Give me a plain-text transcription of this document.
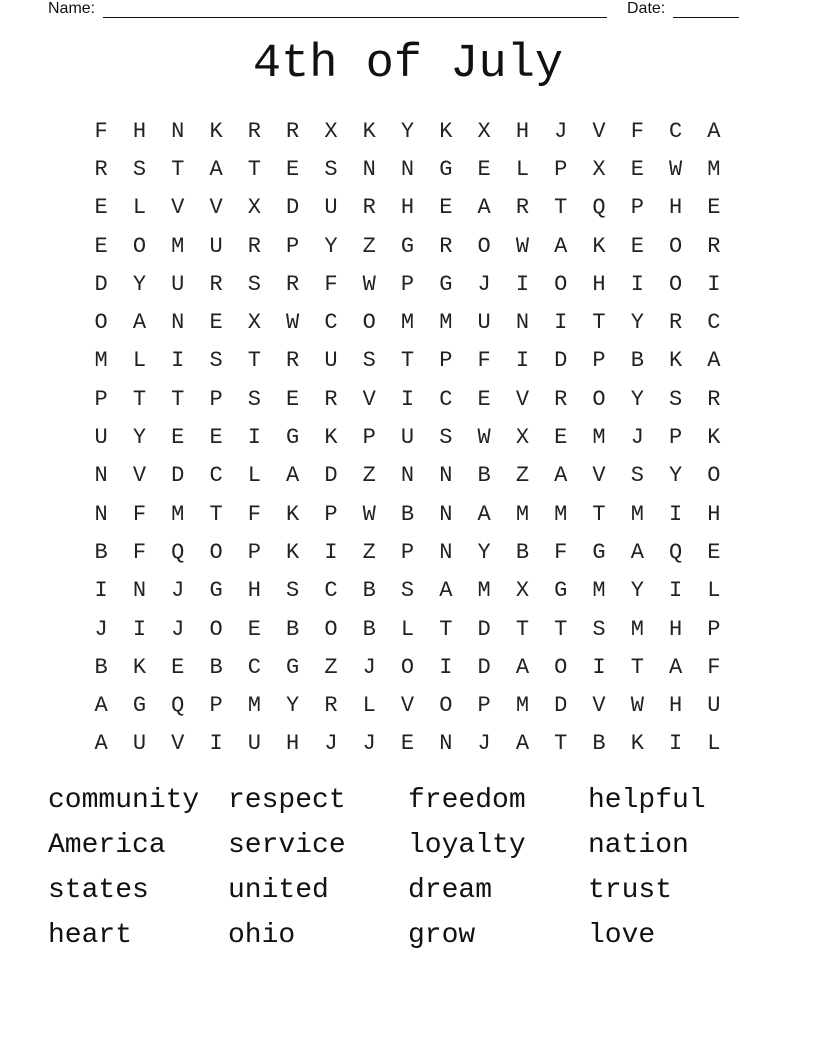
Name:	Date:
4th of July
F	H	N	K	R	R	X	K	Y	K	X	H	J	V	F	C	A
R	S	T	A	T	E	S	N	N	G	E	L	P	X	E	W	M
E	L	V	V	X	D	U	R	H	E	A	R	T	Q	P	H	E
E	O	M	U	R	P	Y	Z	G	R	O	W	A	K	E	O	R
D	Y	U	R	S	R	F	W	P	G	J	I	O	H	I	O	I
O	A	N	E	X	W	C	O	M	M	U	N	I	T	Y	R	C
M	L	I	S	T	R	U	S	T	P	F	I	D	P	B	K	A
P	T	T	P	S	E	R	V	I	C	E	V	R	O	Y	S	R
U	Y	E	E	I	G	K	P	U	S	W	X	E	M	J	P	K
N	V	D	C	L	A	D	Z	N	N	B	Z	A	V	S	Y	O
N	F	M	T	F	K	P	W	B	N	A	M	M	T	M	I	H
B	F	Q	O	P	K	I	Z	P	N	Y	B	F	G	A	Q	E
I	N	J	G	H	S	C	B	S	A	M	X	G	M	Y	I	L
J	I	J	O	E	B	O	B	L	T	D	T	T	S	M	H	P
B	K	E	B	C	G	Z	J	O	I	D	A	O	I	T	A	F
A	G	Q	P	M	Y	R	L	V	O	P	M	D	V	W	H	U
A	U	V	I	U	H	J	J	E	N	J	A	T	B	K	I	L
community	respect	freedom	helpful
America	service	loyalty	nation
states	united	dream	trust
heart	ohio	grow	love
